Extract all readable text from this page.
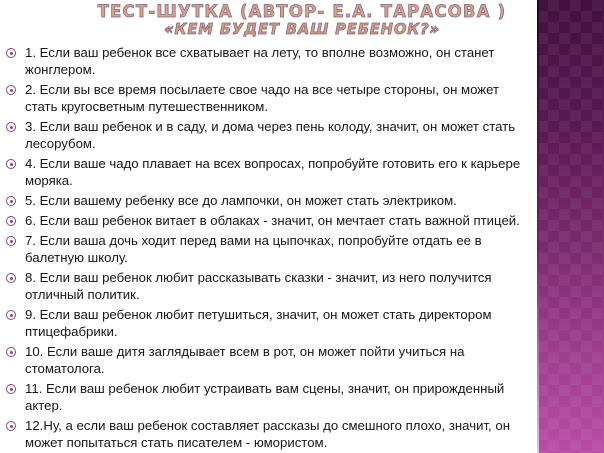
ТЕСТ-ШУТКА (АВТОР- Е.А. ТАРАСОВА )
«КЕМ БУДЕТ ВАШ РЕБЕНОК?»
1. Если ваш ребенок все схватывает на лету, то вполне возможно, он станет жонглером.
2. Если вы все время посылаете свое чадо на все четыре стороны, он может стать кругосветным путешественником.
3. Если ваш ребенок и в саду, и дома через пень колоду, значит, он может стать лесорубом.
4. Если ваше чадо плавает на всех вопросах, попробуйте готовить его к карьере моряка.
5. Если вашему ребенку все до лампочки, он может стать электриком.
6. Если ваш ребенок витает в облаках - значит, он мечтает стать важной птицей.
7. Если ваша дочь ходит перед вами на цыпочках, попробуйте отдать ее в балетную школу.
8. Если ваш ребенок любит рассказывать сказки - значит, из него получится отличный политик.
9. Если ваш ребенок любит петушиться, значит, он может стать директором птицефабрики.
10. Если ваше дитя заглядывает всем в рот, он может пойти учиться на стоматолога.
11. Если ваш ребенок любит устраивать вам сцены, значит, он прирожденный актер.
12.Ну, а если ваш ребенок составляет рассказы до смешного плохо, значит, он может попытаться стать писателем - юмористом.
